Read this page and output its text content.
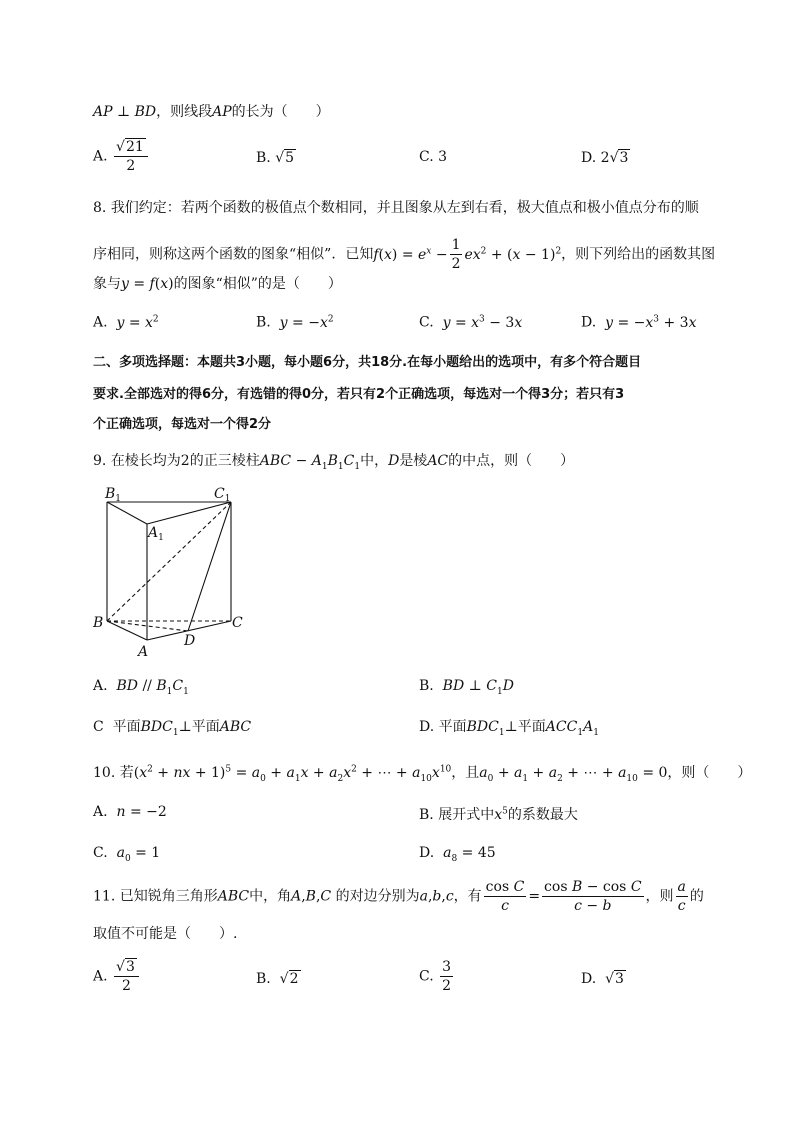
AP ⊥ BD，则线段AP的长为（　　）
A. $\frac{√21}{2}$	B. √5	C. 3	D. 2√3
8. 我们约定：若两个函数的极值点个数相同，并且图象从左到右看，极大值点和极小值点分布的顺
序相同，则称这两个函数的图象“相似”．已知$f(x) = e^x - \frac{1}{2} ex^2 + (x - 1)^2$，则下列给出的函数其图
象与y = f(x)的图象“相似”的是（　　）
A. $y = x^2$	B. $y = -x^2$	C. $y = x^3 - 3x$	D. $y = -x^3 + 3x$
二、多项选择题：本题共3小题，每小题6分，共18分.在每小题给出的选项中，有多个符合题目
要求.全部选对的得6分，有选错的得0分，若只有2个正确选项，每选对一个得3分；若只有3
个正确选项，每选对一个得2分
9. 在棱长均为2的正三棱柱ABC − $A_1B_1C_1$中，D是棱AC的中点，则（　　）
$B_1$	$C_1$
$A_1$
B	C
A
D
A. BD // $B_1C_1$	B. BD ⊥ $C_1D$
C 平面$BDC_1\perp$平面ABC	D. 平面$BDC_1\perp$平面$ACC_1A_1$
10. 若($x^2$ + nx + $1)^5 = a_0 + a_1x + a_2x^2$ + ⋯ + $a_{10}x^{10}$，且$a_0 + a_1 + a_2$ + ⋯ + $a_{10} = 0$，则（　　）
A. n = −2	B. 展开式中$x^5$的系数最大
C. $a_0 = 1$	D. $a_8 = 45$
11. 已知锐角三角形ABC中，角A,B,C 的对边分别为a,b,c，有 $\frac{\text{cos C}}{c} = \frac{\text{cos B − cos C}}{c - b}$ ，则 $\frac{a}{c}$ 的
取值不可能是（　　）.
A. $\frac{√3}{2}$	B.  √2	C. $\frac{3}{2}$	D.  √3
